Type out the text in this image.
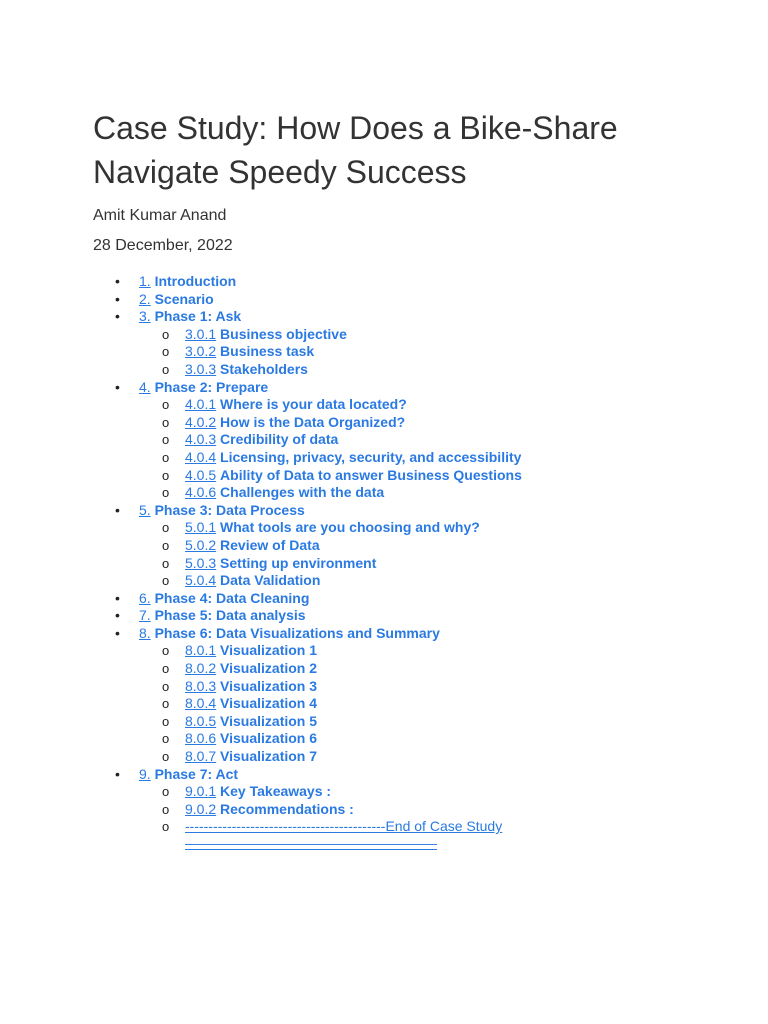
Case Study: How Does a Bike-Share Navigate Speedy Success
Amit Kumar Anand
28 December, 2022
• 1. Introduction
• 2. Scenario
• 3. Phase 1: Ask
o 3.0.1 Business objective
o 3.0.2 Business task
o 3.0.3 Stakeholders
• 4. Phase 2: Prepare
o 4.0.1 Where is your data located?
o 4.0.2 How is the Data Organized?
o 4.0.3 Credibility of data
o 4.0.4 Licensing, privacy, security, and accessibility
o 4.0.5 Ability of Data to answer Business Questions
o 4.0.6 Challenges with the data
• 5. Phase 3: Data Process
o 5.0.1 What tools are you choosing and why?
o 5.0.2 Review of Data
o 5.0.3 Setting up environment
o 5.0.4 Data Validation
• 6. Phase 4: Data Cleaning
• 7. Phase 5: Data analysis
• 8. Phase 6: Data Visualizations and Summary
o 8.0.1 Visualization 1
o 8.0.2 Visualization 2
o 8.0.3 Visualization 3
o 8.0.4 Visualization 4
o 8.0.5 Visualization 5
o 8.0.6 Visualization 6
o 8.0.7 Visualization 7
• 9. Phase 7: Act
o 9.0.1 Key Takeaways :
o 9.0.2 Recommendations :
o -------------------------------------------End of Case Study ——————————————————
